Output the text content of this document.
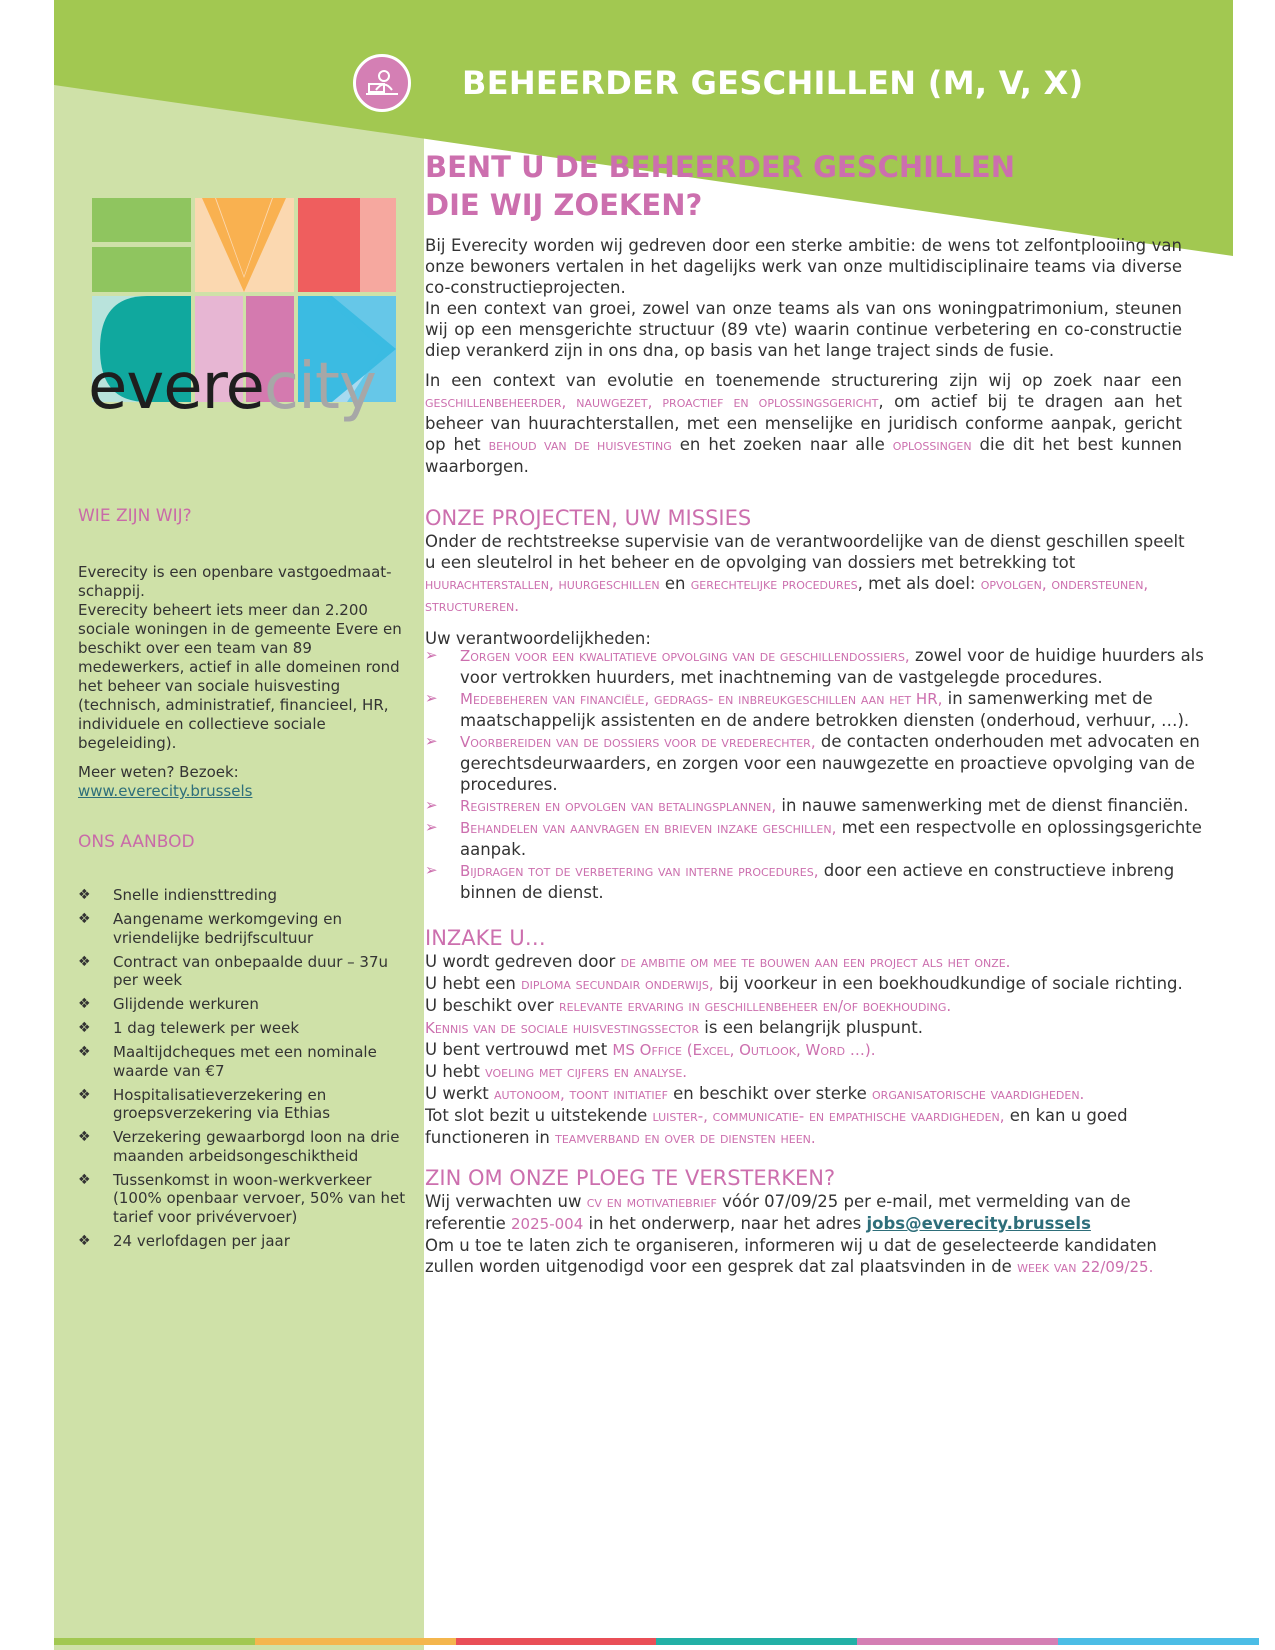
BEHEERDER GESCHILLEN (M, V, X)
everecity
WIE ZIJN WIJ?
Everecity is een openbare vastgoedmaat-schappij.
Everecity beheert iets meer dan 2.200 sociale woningen in de gemeente Evere en beschikt over een team van 89 medewerkers, actief in alle domeinen rond het beheer van sociale huisvesting (technisch, administratief, financieel, HR, individuele en collectieve sociale begeleiding).
Meer weten? Bezoek: www.everecity.brussels
ONS AANBOD
❖ Snelle indiensttreding
❖ Aangename werkomgeving en vriendelijke bedrijfscultuur
❖ Contract van onbepaalde duur – 37u per week
❖ Glijdende werkuren
❖ 1 dag telewerk per week
❖ Maaltijdcheques met een nominale waarde van €7
❖ Hospitalisatieverzekering en groepsverzekering via Ethias
❖ Verzekering gewaarborgd loon na drie maanden arbeidsongeschiktheid
❖ Tussenkomst in woon-werkverkeer (100% openbaar vervoer, 50% van het tarief voor privévervoer)
❖ 24 verlofdagen per jaar
BENT U DE BEHEERDER GESCHILLEN
DIE WIJ ZOEKEN?
Bij Everecity worden wij gedreven door een sterke ambitie: de wens tot zelfontplooiing van onze bewoners vertalen in het dagelijks werk van onze multidisciplinaire teams via diverse co-constructieprojecten.
In een context van groei, zowel van onze teams als van ons woningpatrimonium, steunen wij op een mensgerichte structuur (89 vte) waarin continue verbetering en co-constructie diep verankerd zijn in ons dna, op basis van het lange traject sinds de fusie.
In een context van evolutie en toenemende structurering zijn wij op zoek naar een geschillenbeheerder, nauwgezet, proactief en oplossingsgericht, om actief bij te dragen aan het beheer van huurachterstallen, met een menselijke en juridisch conforme aanpak, gericht op het behoud van de huisvesting en het zoeken naar alle oplossingen die dit het best kunnen waarborgen.
ONZE PROJECTEN, UW MISSIES
Onder de rechtstreekse supervisie van de verantwoordelijke van de dienst geschillen speelt u een sleutelrol in het beheer en de opvolging van dossiers met betrekking tot huurachterstallen, huurgeschillen en gerechtelijke procedures, met als doel: opvolgen, ondersteunen, structureren.
Uw verantwoordelijkheden:
➢ Zorgen voor een kwalitatieve opvolging van de geschillendossiers, zowel voor de huidige huurders als voor vertrokken huurders, met inachtneming van de vastgelegde procedures.
➢ Medebeheren van financiële, gedrags- en inbreukgeschillen aan het HR, in samenwerking met de maatschappelijk assistenten en de andere betrokken diensten (onderhoud, verhuur, …).
➢ Voorbereiden van de dossiers voor de vrederechter, de contacten onderhouden met advocaten en gerechtsdeurwaarders, en zorgen voor een nauwgezette en proactieve opvolging van de procedures.
➢ Registreren en opvolgen van betalingsplannen, in nauwe samenwerking met de dienst financiën.
➢ Behandelen van aanvragen en brieven inzake geschillen, met een respectvolle en oplossingsgerichte aanpak.
➢ Bijdragen tot de verbetering van interne procedures, door een actieve en constructieve inbreng binnen de dienst.
INZAKE U…
U wordt gedreven door de ambitie om mee te bouwen aan een project als het onze.
U hebt een diploma secundair onderwijs, bij voorkeur in een boekhoudkundige of sociale richting.
U beschikt over relevante ervaring in geschillenbeheer en/of boekhouding.
Kennis van de sociale huisvestingssector is een belangrijk pluspunt.
U bent vertrouwd met MS Office (Excel, Outlook, Word …).
U hebt voeling met cijfers en analyse.
U werkt autonoom, toont initiatief en beschikt over sterke organisatorische vaardigheden.
Tot slot bezit u uitstekende luister-, communicatie- en empathische vaardigheden, en kan u goed functioneren in teamverband en over de diensten heen.
ZIN OM ONZE PLOEG TE VERSTERKEN?
Wij verwachten uw cv en motivatiebrief vóór 07/09/25 per e-mail, met vermelding van de referentie 2025-004 in het onderwerp, naar het adres jobs@everecity.brussels
Om u toe te laten zich te organiseren, informeren wij u dat de geselecteerde kandidaten zullen worden uitgenodigd voor een gesprek dat zal plaatsvinden in de week van 22/09/25.
